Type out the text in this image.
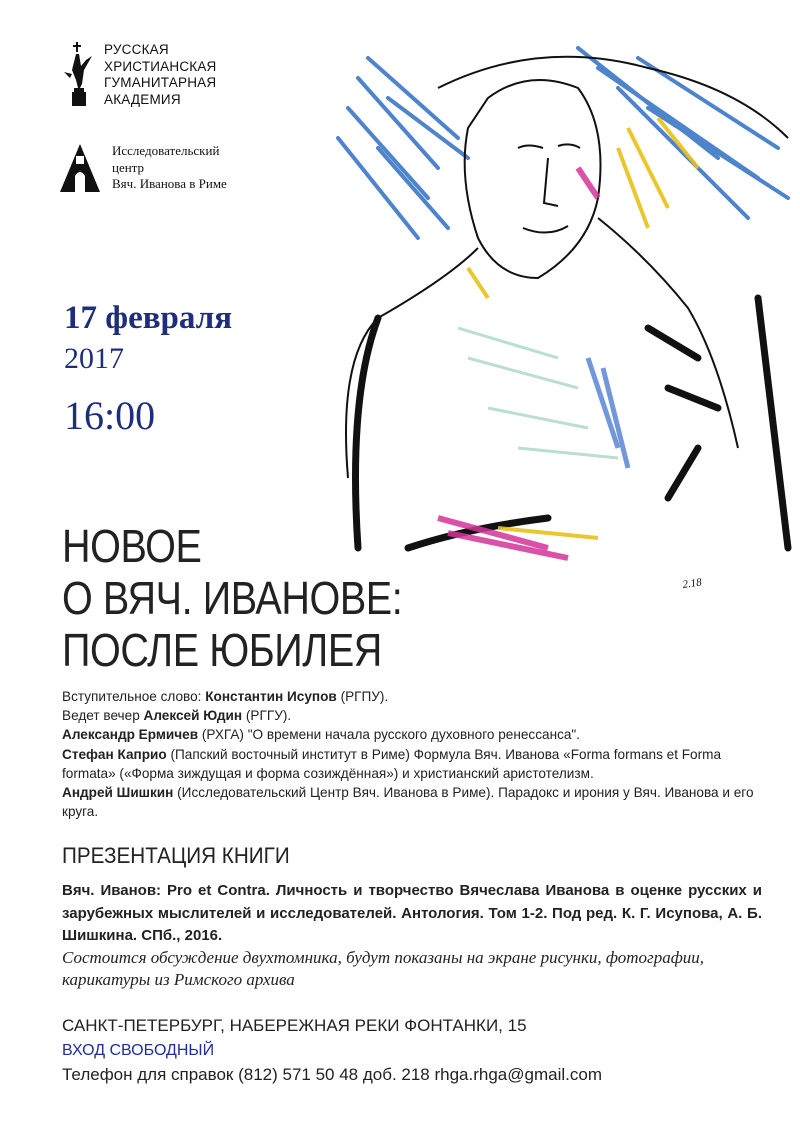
РУССКАЯ
ХРИСТИАНСКАЯ
ГУМАНИТАРНАЯ
АКАДЕМИЯ
Исследовательский
центр
Вяч. Иванова в Риме
17 февраля
2017
16:00
2.18
НОВОЕ
О ВЯЧ. ИВАНОВЕ:
ПОСЛЕ ЮБИЛЕЯ
Вступительное слово: Константин Исупов (РГПУ).
Ведет вечер Алексей Юдин (РГГУ).
Александр Ермичев (РХГА) "О времени начала русского духовного ренессанса".
Стефан Каприо (Папский восточный институт в Риме) Формула Вяч. Иванова «Forma formans et Forma formata» («Форма зиждущая и форма созиждённая») и христианский аристотелизм.
Андрей Шишкин (Исследовательский Центр Вяч. Иванова в Риме). Парадокс и ирония у Вяч. Иванова и его круга.
ПРЕЗЕНТАЦИЯ КНИГИ
Вяч. Иванов: Pro et Contra. Личность и творчество Вячеслава Иванова в оценке русских и зарубежных мыслителей и исследователей. Антология. Том 1-2. Под ред. К. Г. Исупова, А. Б. Шишкина. СПб., 2016.
Состоится обсуждение двухтомника, будут показаны на экране рисунки, фотографии, карикатуры из Римского архива
САНКТ-ПЕТЕРБУРГ, НАБЕРЕЖНАЯ РЕКИ ФОНТАНКИ, 15
ВХОД СВОБОДНЫЙ
Телефон для справок (812) 571 50 48 доб. 218 rhga.rhga@gmail.com
